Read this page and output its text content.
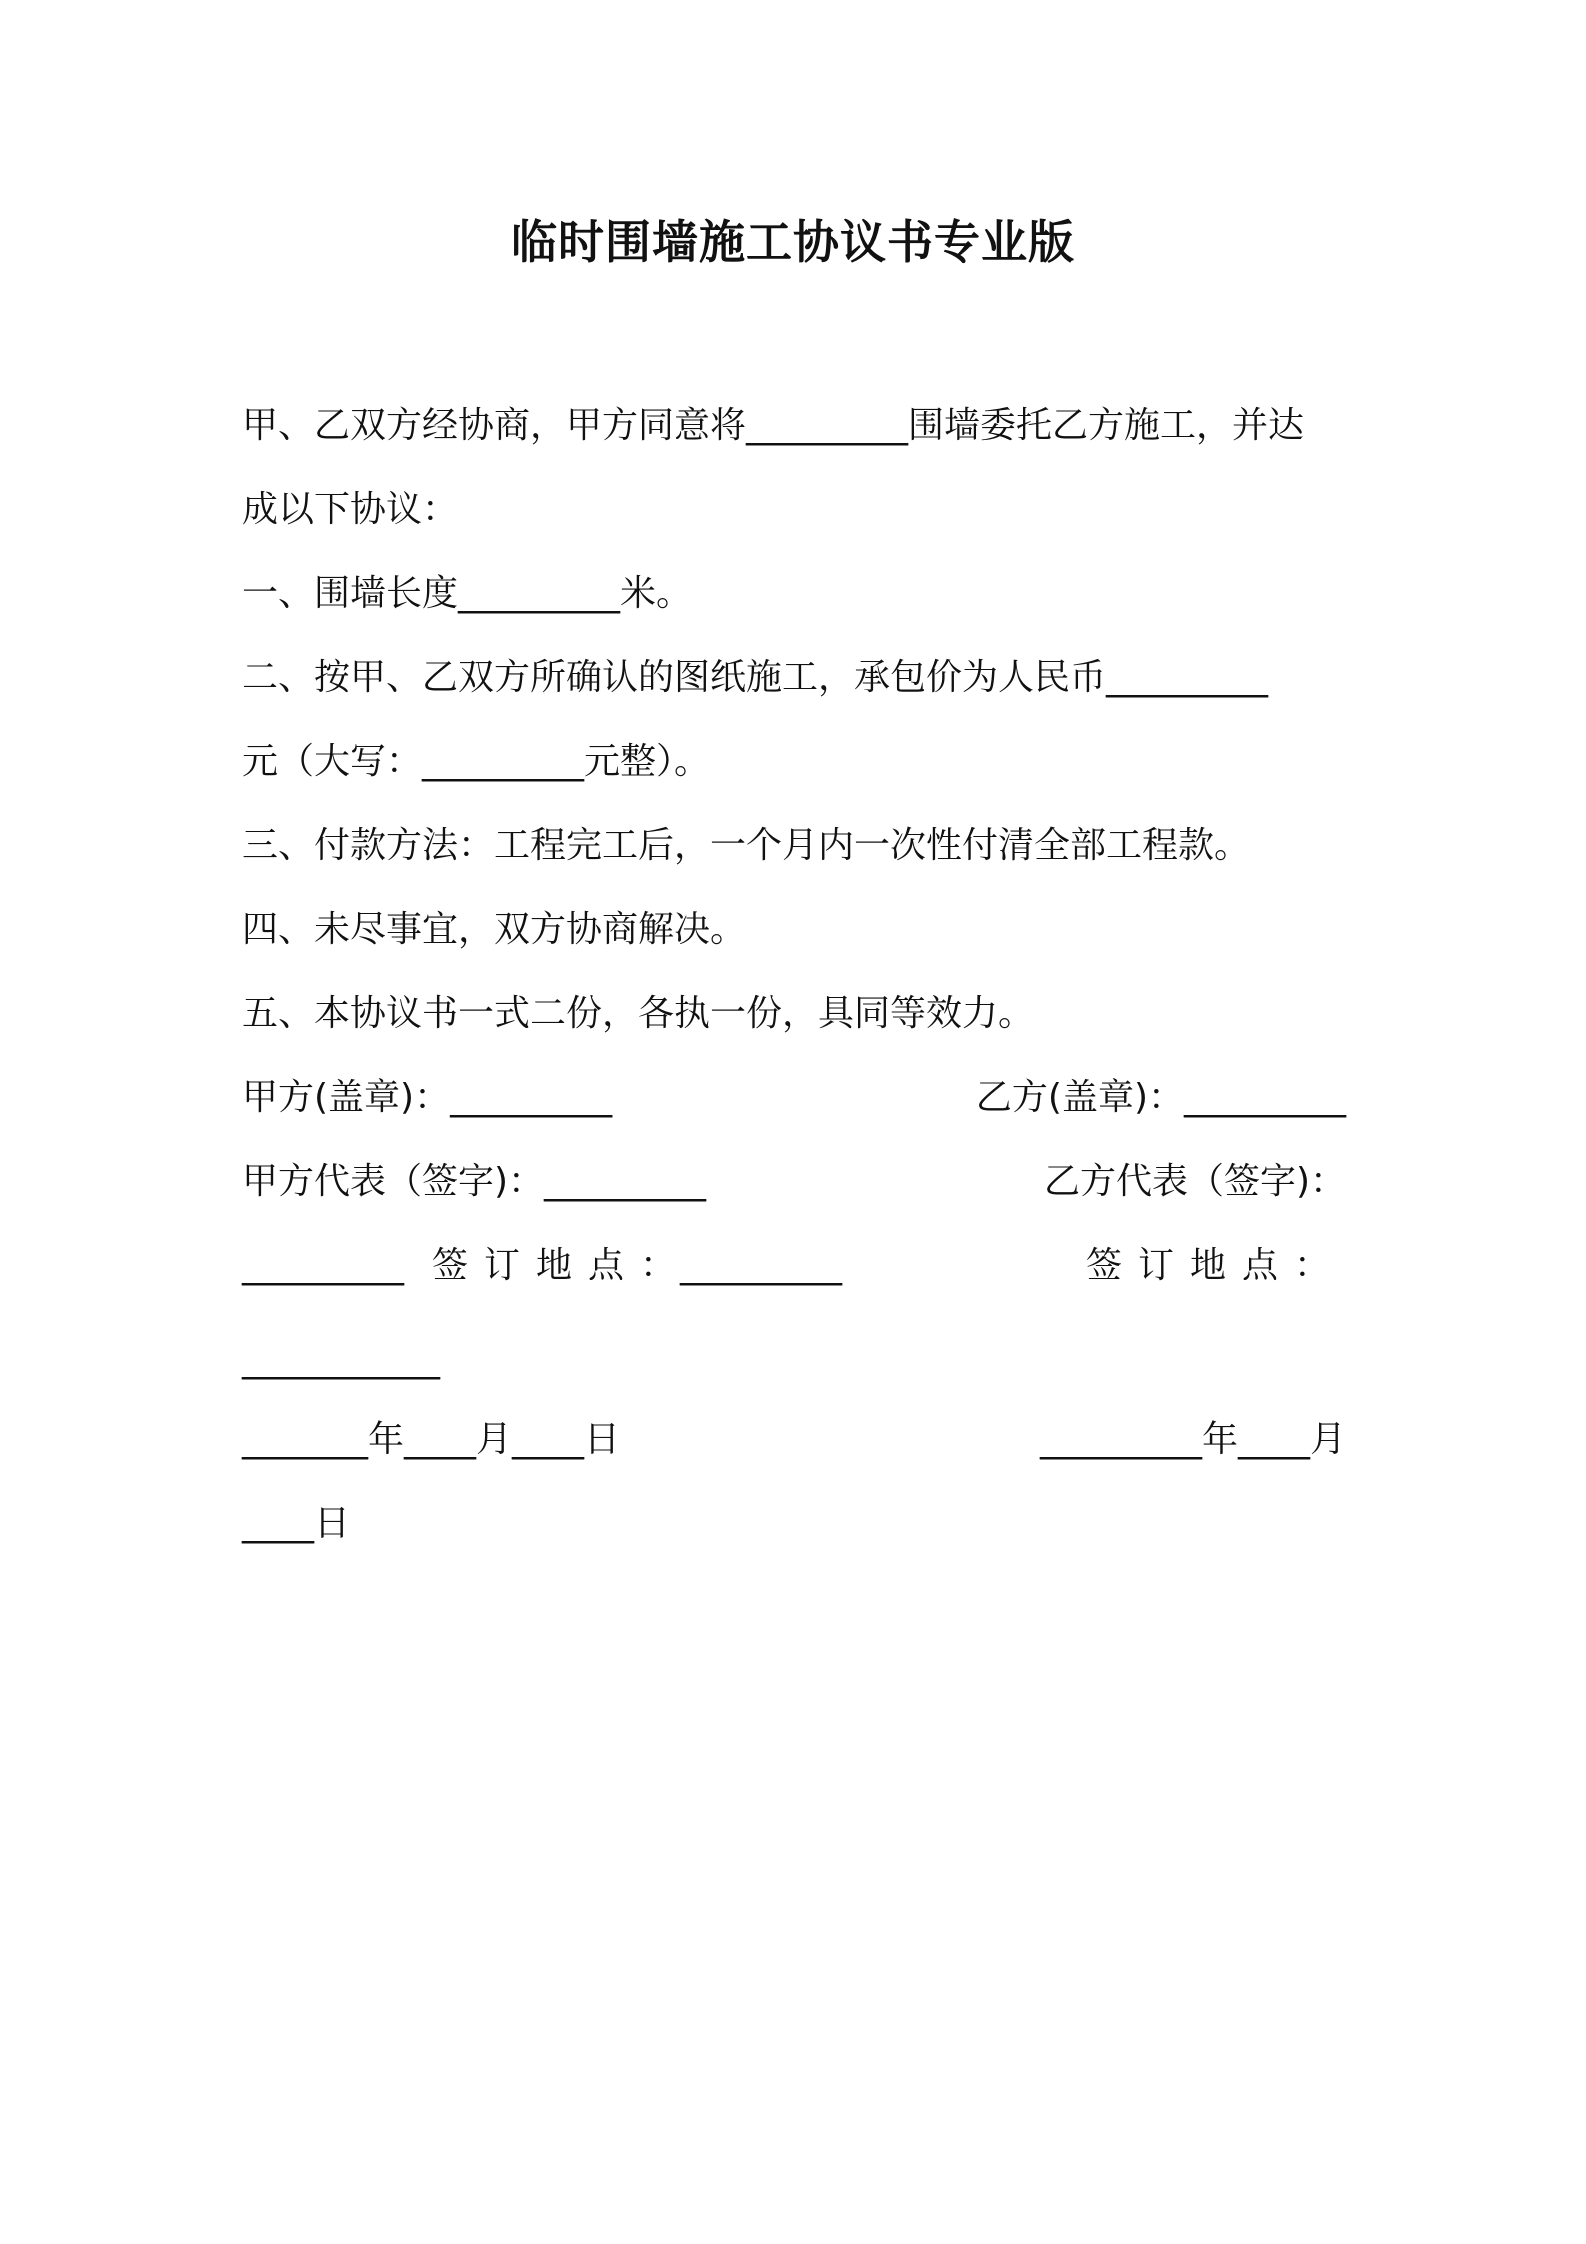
临时围墙施工协议书专业版

甲、乙双方经协商，甲方同意将_________围墙委托乙方施工，并达

成以下协议：

一、围墙长度_________米。

二、按甲、乙双方所确认的图纸施工，承包价为人民币_________

元（大写：_________元整）。

三、付款方法：工程完工后，一个月内一次性付清全部工程款。

四、未尽事宜，双方协商解决。

五、本协议书一式二份，各执一份，具同等效力。

甲方(盖章)：_________	乙方(盖章)：_________
甲方代表（签字)：_________	乙方代表（签字)：
_________ 签订地点：
_________	签订地点：
___________
_______年____月____日	_________年____月
____日
